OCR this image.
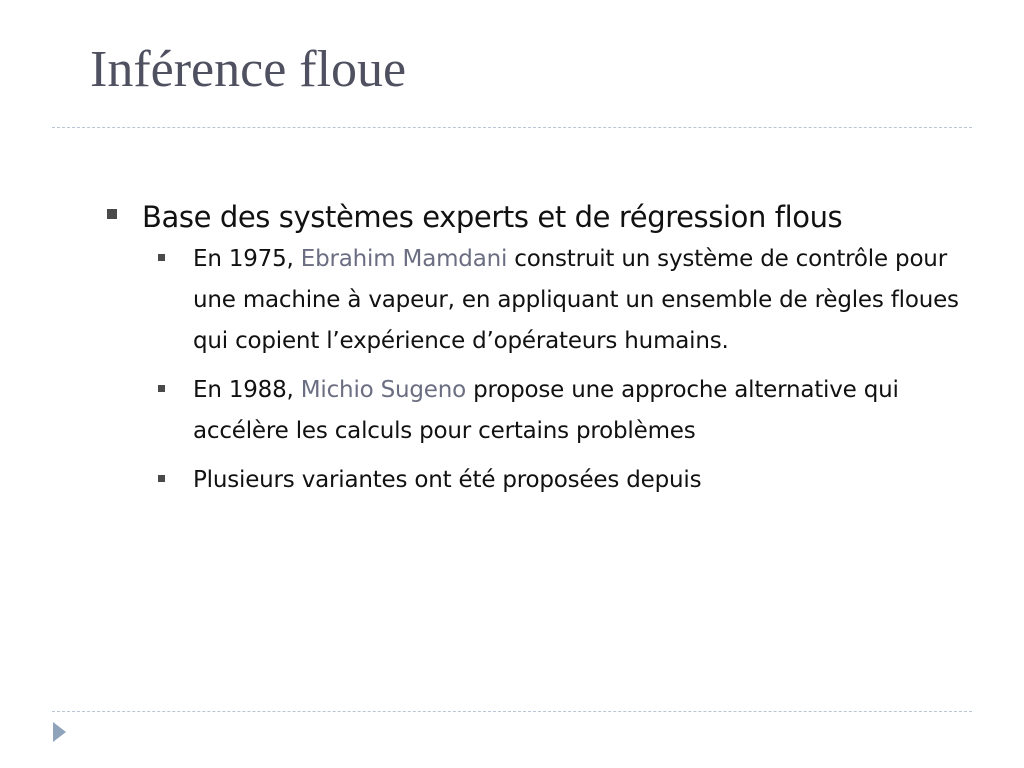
Inférence floue
Base des systèmes experts et de régression flous
En 1975, Ebrahim Mamdani construit un système de contrôle pour une machine à vapeur, en appliquant un ensemble de règles floues qui copient l’expérience d’opérateurs humains.
En 1988, Michio Sugeno propose une approche alternative qui accélère les calculs pour certains problèmes
Plusieurs variantes ont été proposées depuis
